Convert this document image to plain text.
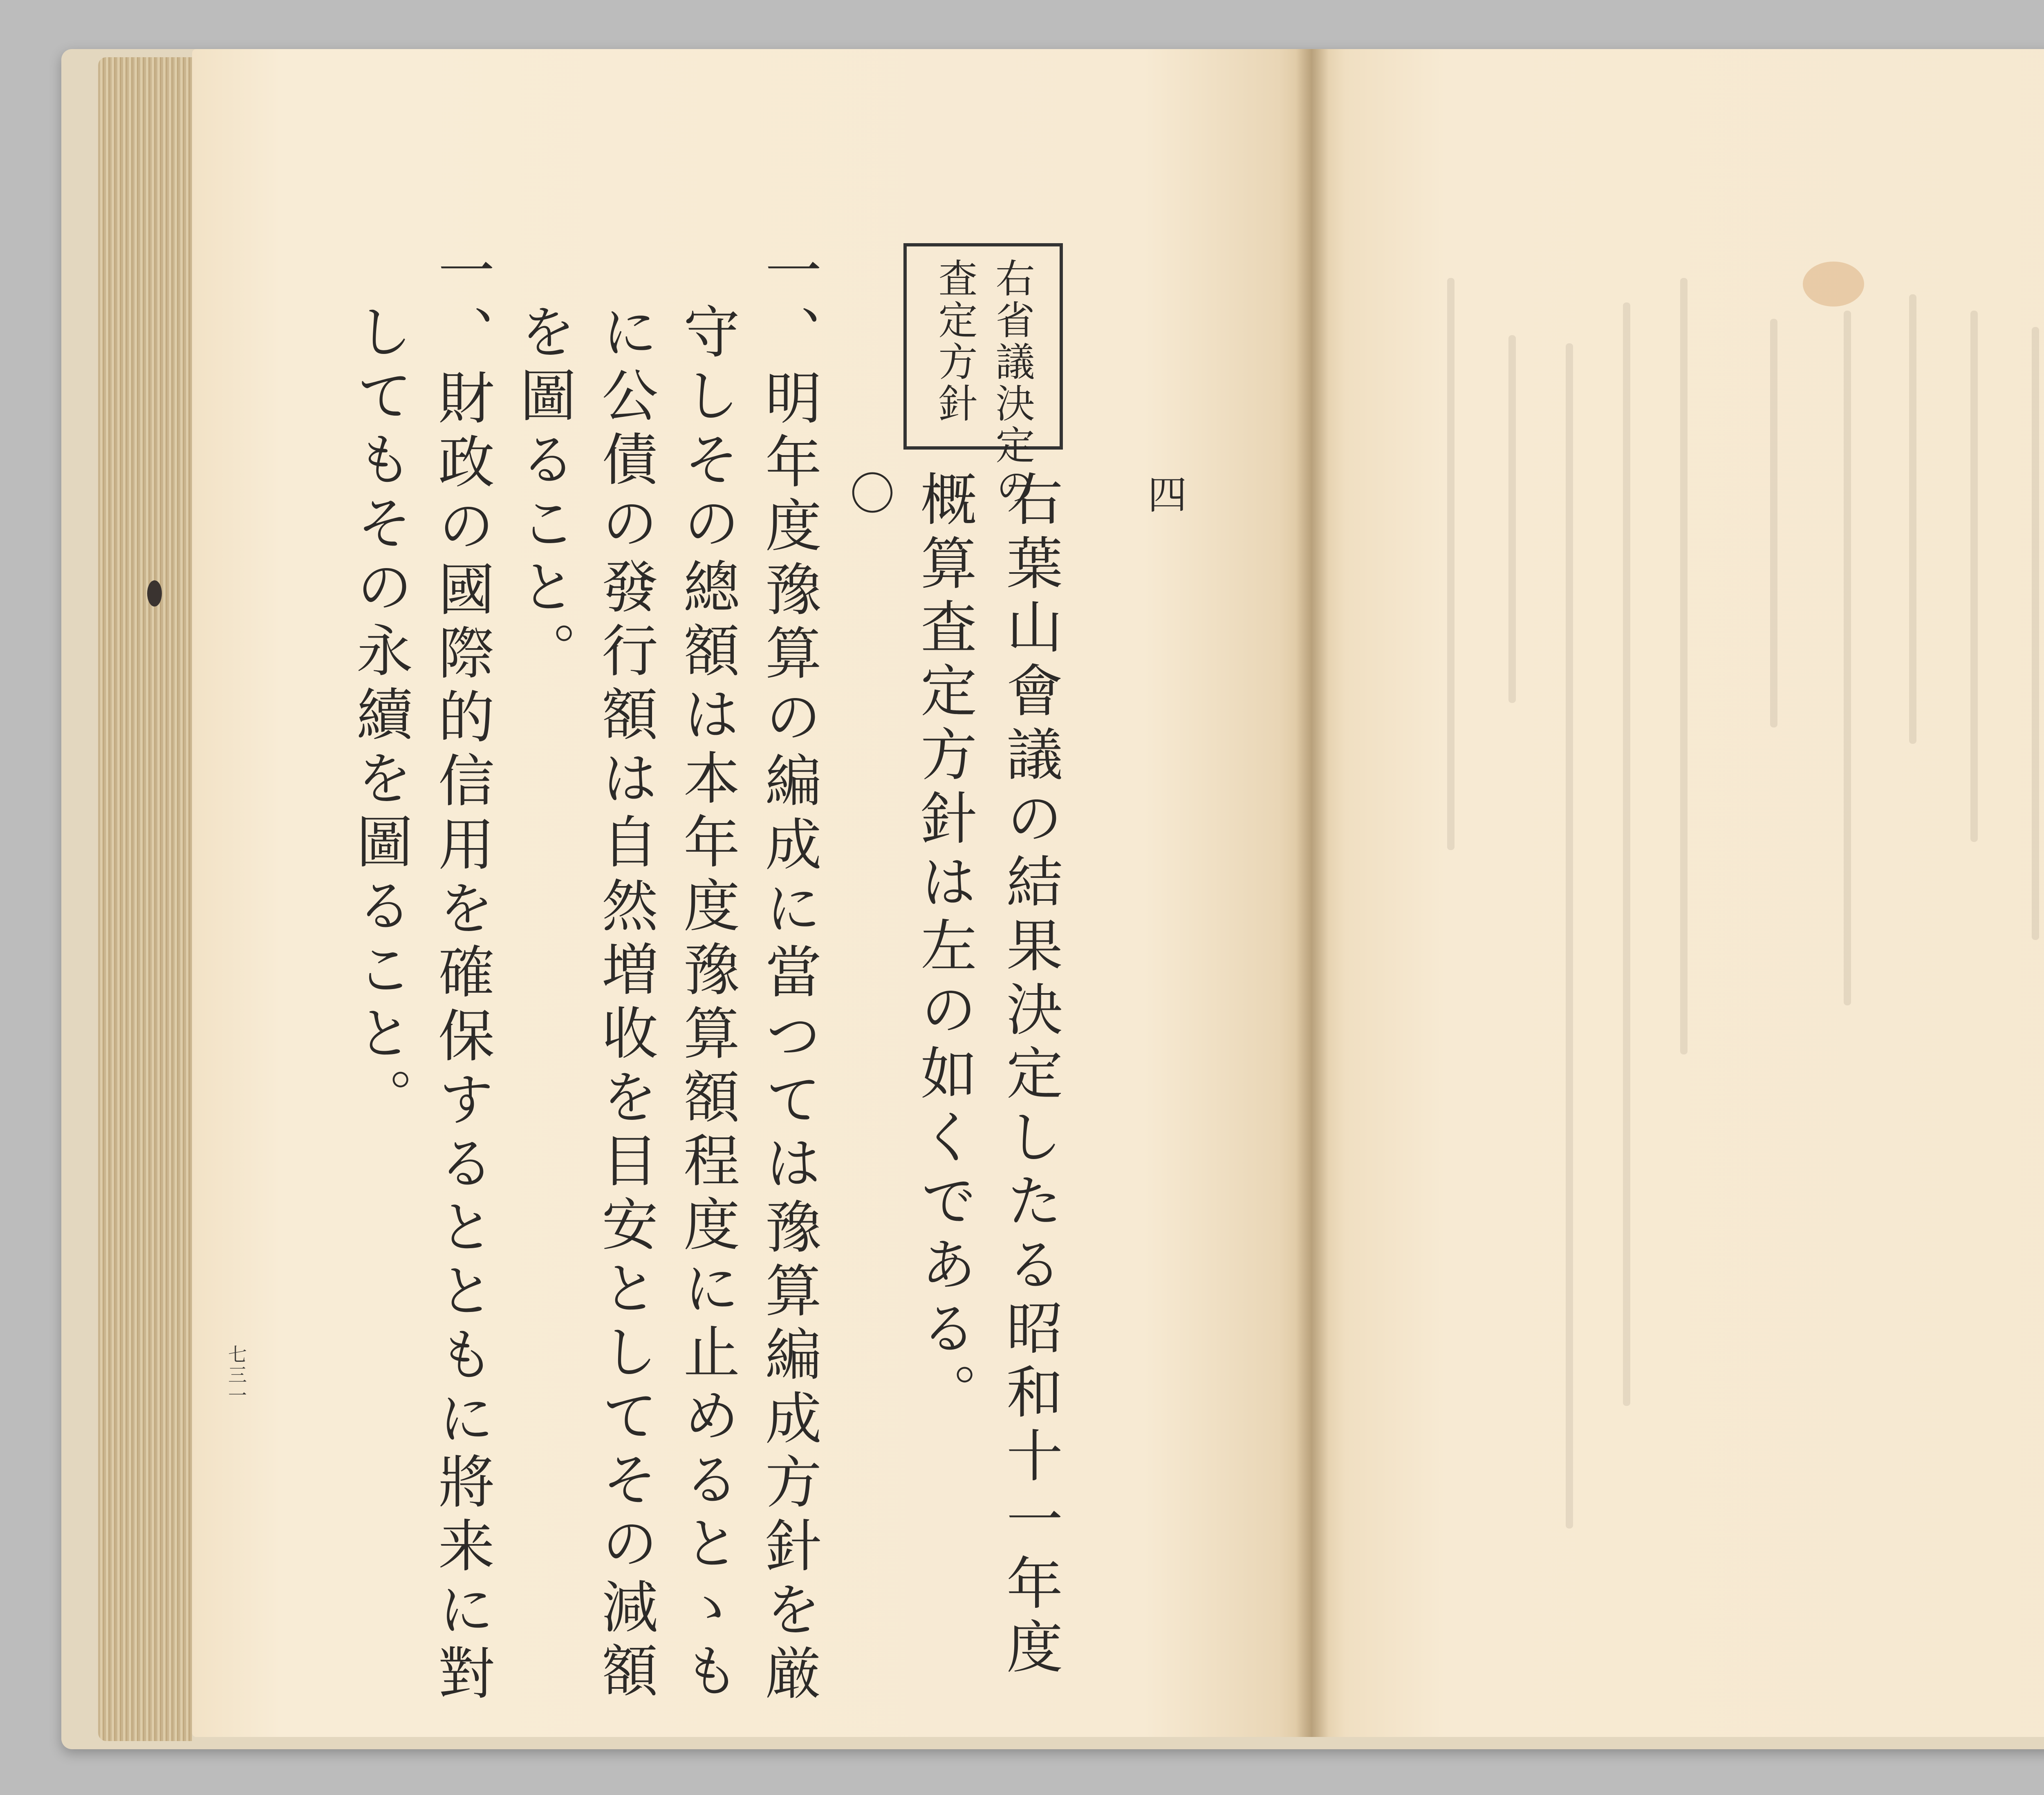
右省議決定の
査定方針
四
右葉山會議の結果決定したる昭和十一年度
概算査定方針は左の如くである。
〇
一、明年度豫算の編成に當つては豫算編成方針を厳
守しその總額は本年度豫算額程度に止めるとゝも
に公債の發行額は自然増收を目安としてその減額
を圖ること。
一、財政の國際的信用を確保するとともに將来に對
してもその永續を圖ること。
七三一
